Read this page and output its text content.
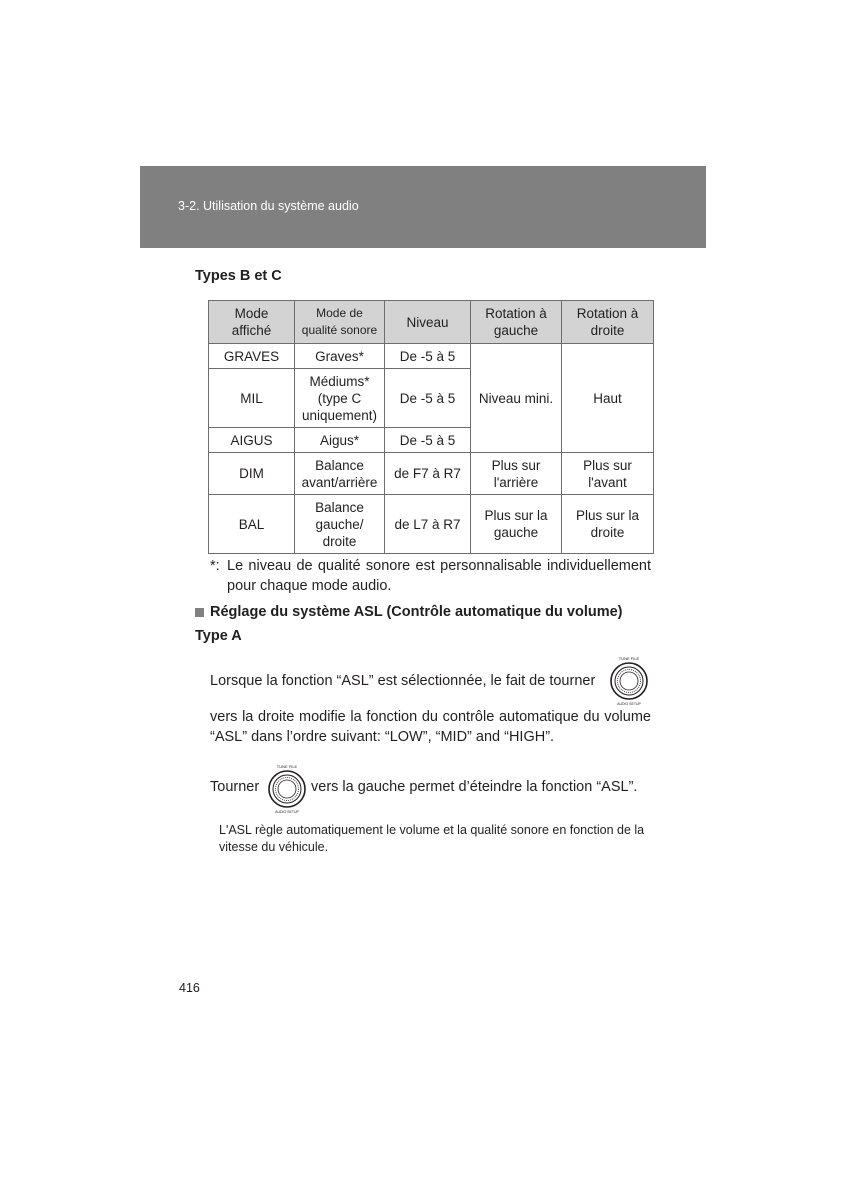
3-2. Utilisation du système audio
Types B et C
Mode affiché	Mode de qualité sonore	Niveau	Rotation à gauche	Rotation à droite
GRAVES	Graves*	De -5 à 5	Niveau mini.	Haut
MIL	Médiums* (type C uniquement)	De -5 à 5		
AIGUS	Aigus*	De -5 à 5		
DIM	Balance avant/arrière	de F7 à R7	Plus sur l'arrière	Plus sur l'avant
BAL	Balance gauche/ droite	de L7 à R7	Plus sur la gauche	Plus sur la droite
*: Le niveau de qualité sonore est personnalisable individuellement pour chaque mode audio.
Réglage du système ASL (Contrôle automatique du volume)
Type A
Lorsque la fonction “ASL” est sélectionnée, le fait de tourner
TUNE FILE
AUDIO SETUP
vers la droite modifie la fonction du contrôle automatique du volume “ASL” dans l’ordre suivant: “LOW”, “MID” and “HIGH”.
Tourner
TUNE FILE
AUDIO SETUP
vers la gauche permet d’éteindre la fonction “ASL”.
L'ASL règle automatiquement le volume et la qualité sonore en fonction de la vitesse du véhicule.
416
